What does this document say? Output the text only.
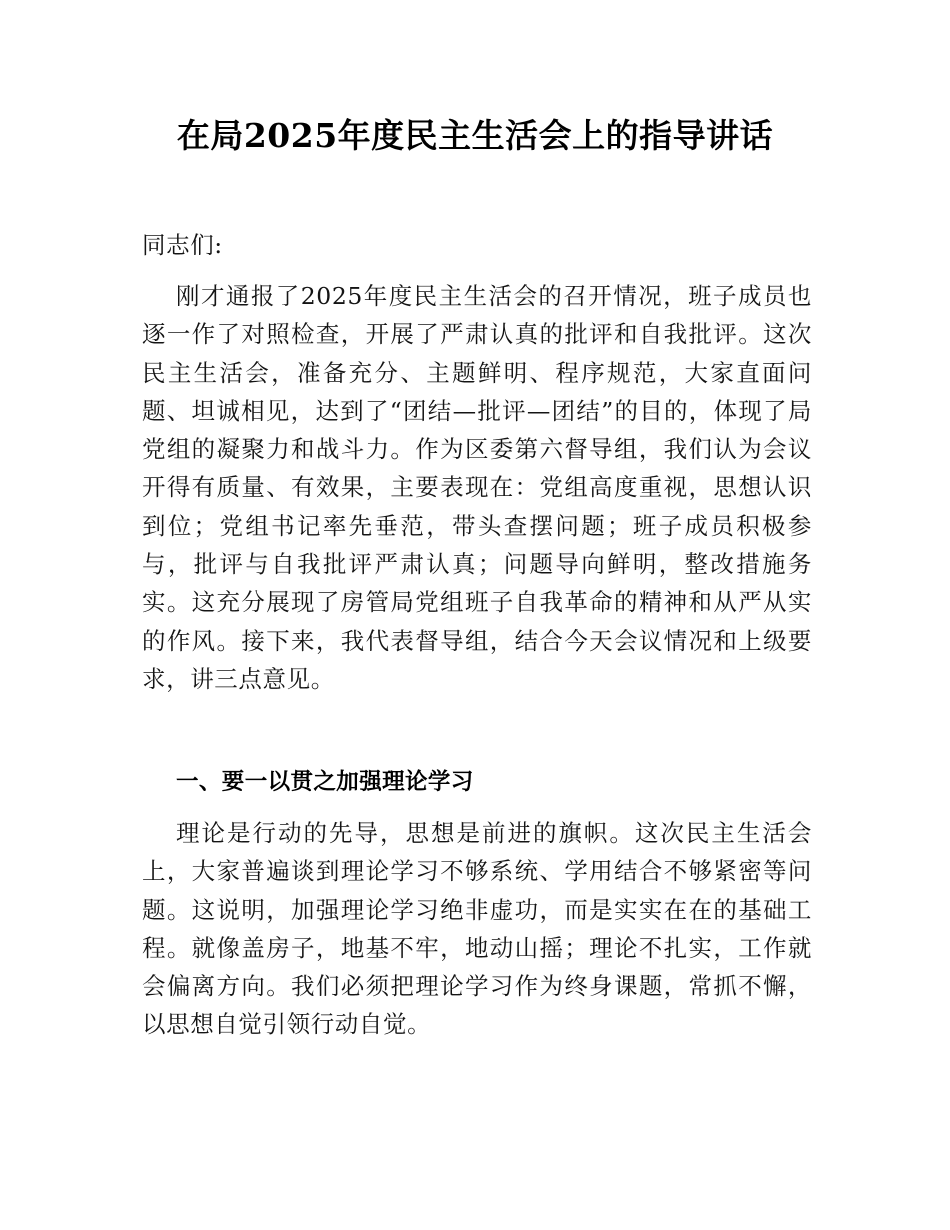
在局2025年度民主生活会上的指导讲话

同志们:

刚才通报了2025年度民主生活会的召开情况，班子成员也逐一作了对照检查，开展了严肃认真的批评和自我批评。这次民主生活会，准备充分、主题鲜明、程序规范，大家直面问题、坦诚相见，达到了“团结—批评—团结”的目的，体现了局党组的凝聚力和战斗力。作为区委第六督导组，我们认为会议开得有质量、有效果，主要表现在：党组高度重视，思想认识到位；党组书记率先垂范，带头查摆问题；班子成员积极参与，批评与自我批评严肃认真；问题导向鲜明，整改措施务实。这充分展现了房管局党组班子自我革命的精神和从严从实的作风。接下来，我代表督导组，结合今天会议情况和上级要求，讲三点意见。

一、要一以贯之加强理论学习

理论是行动的先导，思想是前进的旗帜。这次民主生活会上，大家普遍谈到理论学习不够系统、学用结合不够紧密等问题。这说明，加强理论学习绝非虚功，而是实实在在的基础工程。就像盖房子，地基不牢，地动山摇；理论不扎实，工作就会偏离方向。我们必须把理论学习作为终身课题，常抓不懈，以思想自觉引领行动自觉。
